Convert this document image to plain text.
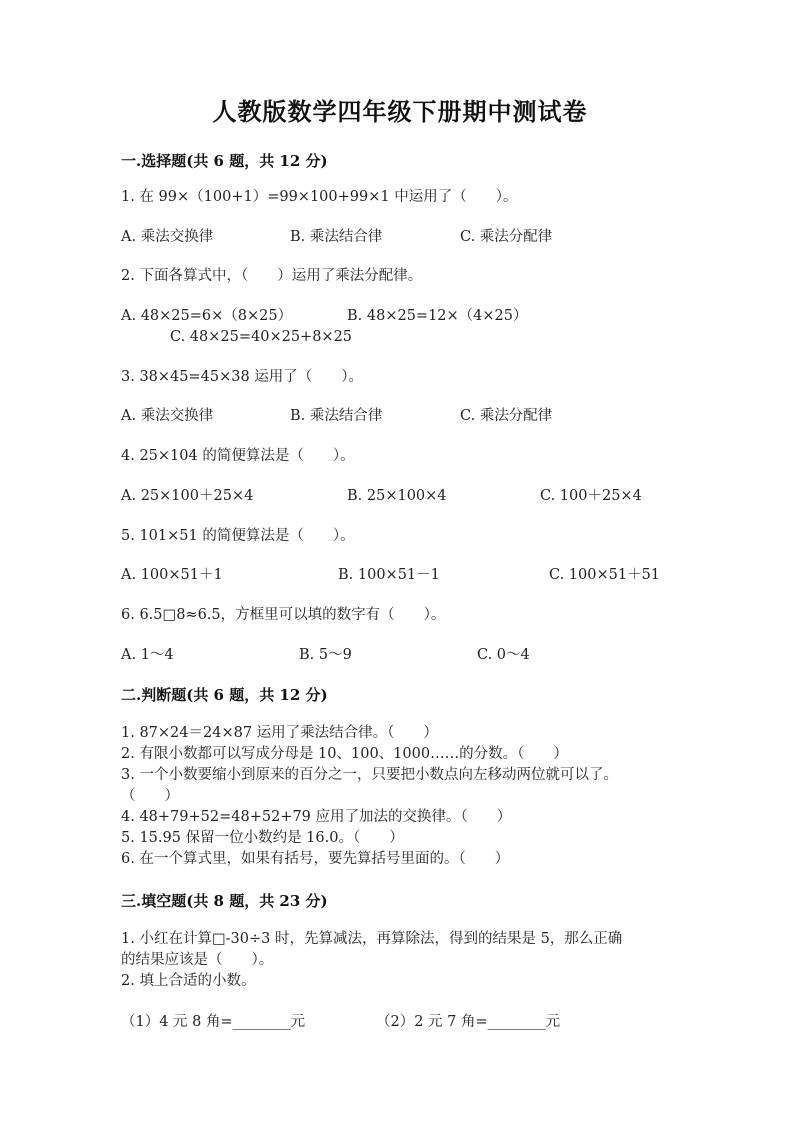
人教版数学四年级下册期中测试卷
一.选择题(共 6 题，共 12 分)
1. 在 99×（100+1）=99×100+99×1 中运用了（　　）。
A. 乘法交换律	B. 乘法结合律	C. 乘法分配律
2. 下面各算式中，（　　）运用了乘法分配律。
A. 48×25=6×（8×25）	B. 48×25=12×（4×25）
C. 48×25=40×25+8×25
3. 38×45=45×38 运用了（　　）。
A. 乘法交换律	B. 乘法结合律	C. 乘法分配律
4. 25×104 的简便算法是（　　）。
A. 25×100＋25×4	B. 25×100×4	C. 100＋25×4
5. 101×51 的简便算法是（　　）。
A. 100×51＋1	B. 100×51－1	C. 100×51＋51
6. 6.5□8≈6.5，方框里可以填的数字有（　　）。
A. 1～4	B. 5～9	C. 0～4
二.判断题(共 6 题，共 12 分)
1. 87×24＝24×87 运用了乘法结合律。（　　）
2. 有限小数都可以写成分母是 10、100、1000……的分数。（　　）
3. 一个小数要缩小到原来的百分之一，只要把小数点向左移动两位就可以了。
（　　）
4. 48+79+52=48+52+79 应用了加法的交换律。（　　）
5. 15.95 保留一位小数约是 16.0。（　　）
6. 在一个算式里，如果有括号，要先算括号里面的。（　　）
三.填空题(共 8 题，共 23 分)
1. 小红在计算□-30÷3 时，先算减法，再算除法，得到的结果是 5，那么正确
的结果应该是（　　）。
2. 填上合适的小数。
（1）4 元 8 角=________元	（2）2 元 7 角=________元
